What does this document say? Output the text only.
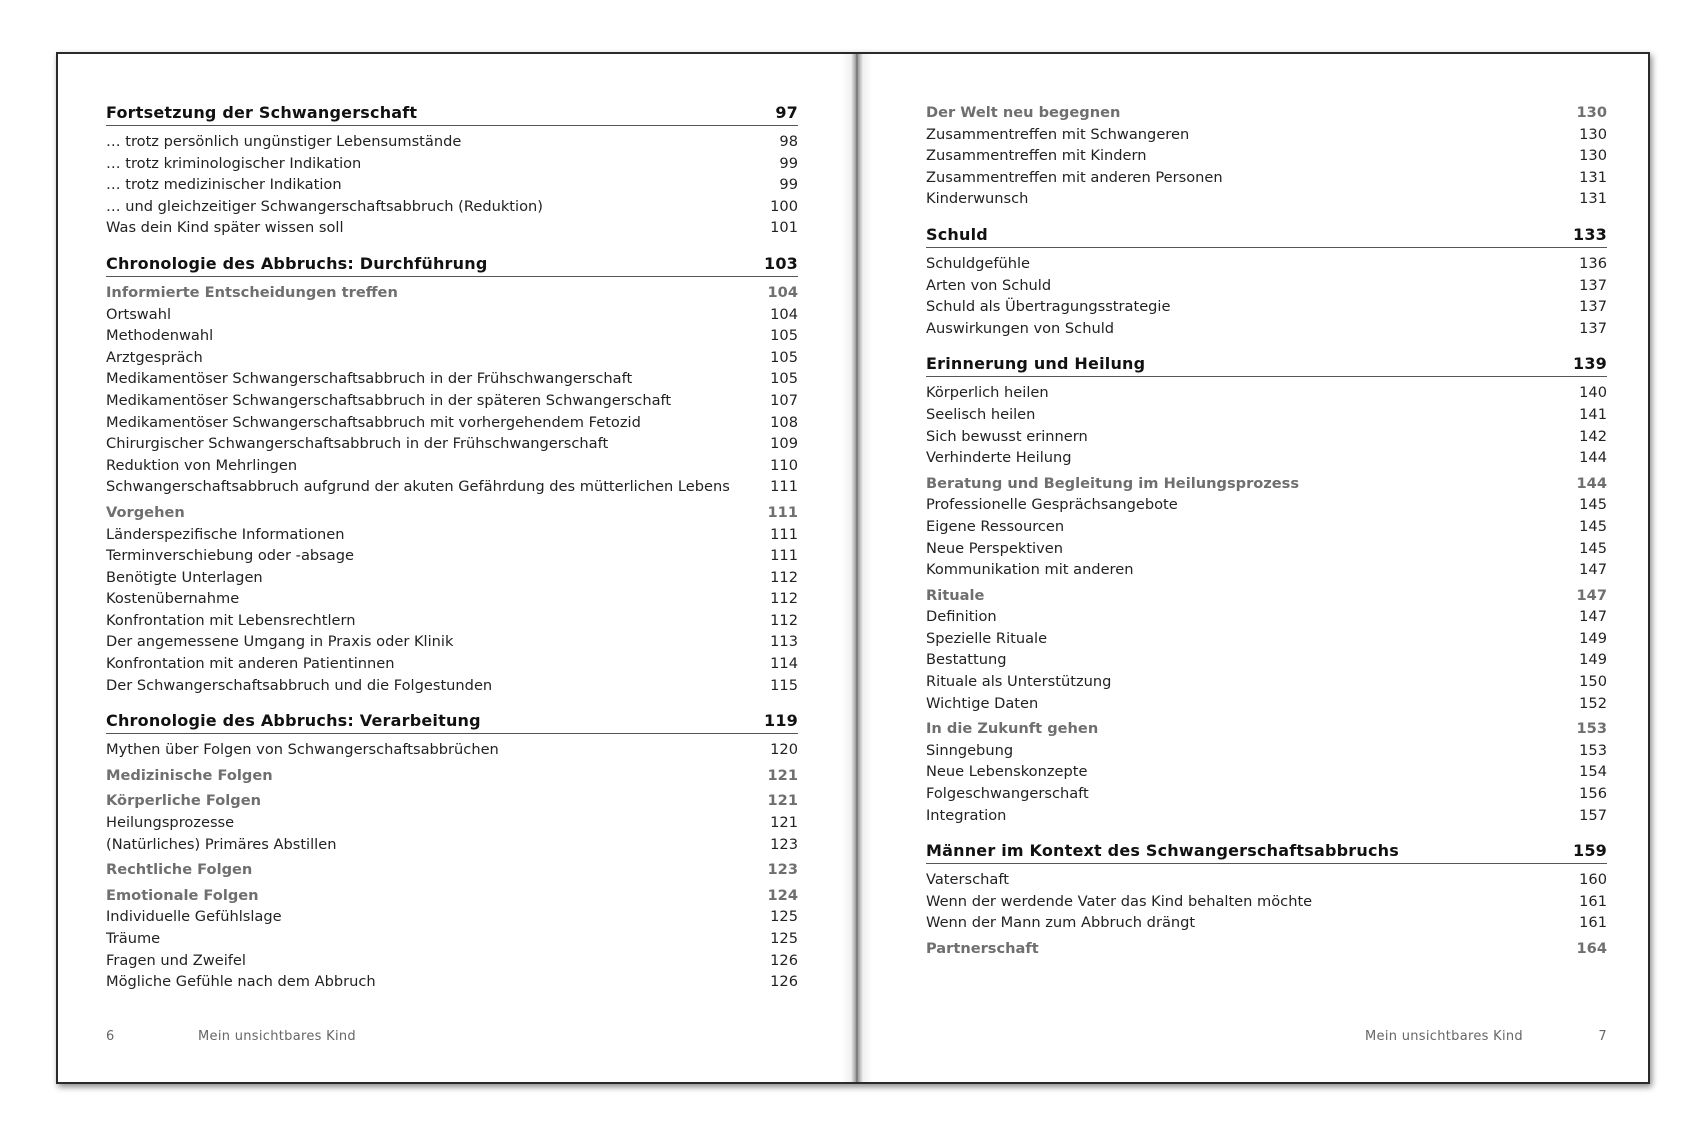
Fortsetzung der Schwangerschaft	97
… trotz persönlich ungünstiger Lebensumstände	98
… trotz kriminologischer Indikation	99
… trotz medizinischer Indikation	99
… und gleichzeitiger Schwangerschaftsabbruch (Reduktion)	100
Was dein Kind später wissen soll	101
Chronologie des Abbruchs: Durchführung	103
Informierte Entscheidungen treffen	104
Ortswahl	104
Methodenwahl	105
Arztgespräch	105
Medikamentöser Schwangerschaftsabbruch in der Frühschwangerschaft	105
Medikamentöser Schwangerschaftsabbruch in der späteren Schwangerschaft	107
Medikamentöser Schwangerschaftsabbruch mit vorhergehendem Fetozid	108
Chirurgischer Schwangerschaftsabbruch in der Frühschwangerschaft	109
Reduktion von Mehrlingen	110
Schwangerschaftsabbruch aufgrund der akuten Gefährdung des mütterlichen Lebens	111
Vorgehen	111
Länderspezifische Informationen	111
Terminverschiebung oder -absage	111
Benötigte Unterlagen	112
Kostenübernahme	112
Konfrontation mit Lebensrechtlern	112
Der angemessene Umgang in Praxis oder Klinik	113
Konfrontation mit anderen Patientinnen	114
Der Schwangerschaftsabbruch und die Folgestunden	115
Chronologie des Abbruchs: Verarbeitung	119
Mythen über Folgen von Schwangerschaftsabbrüchen	120
Medizinische Folgen	121
Körperliche Folgen	121
Heilungsprozesse	121
(Natürliches) Primäres Abstillen	123
Rechtliche Folgen	123
Emotionale Folgen	124
Individuelle Gefühlslage	125
Träume	125
Fragen und Zweifel	126
Mögliche Gefühle nach dem Abbruch	126
6	Mein unsichtbares Kind
Der Welt neu begegnen	130
Zusammentreffen mit Schwangeren	130
Zusammentreffen mit Kindern	130
Zusammentreffen mit anderen Personen	131
Kinderwunsch	131
Schuld	133
Schuldgefühle	136
Arten von Schuld	137
Schuld als Übertragungsstrategie	137
Auswirkungen von Schuld	137
Erinnerung und Heilung	139
Körperlich heilen	140
Seelisch heilen	141
Sich bewusst erinnern	142
Verhinderte Heilung	144
Beratung und Begleitung im Heilungsprozess	144
Professionelle Gesprächsangebote	145
Eigene Ressourcen	145
Neue Perspektiven	145
Kommunikation mit anderen	147
Rituale	147
Definition	147
Spezielle Rituale	149
Bestattung	149
Rituale als Unterstützung	150
Wichtige Daten	152
In die Zukunft gehen	153
Sinngebung	153
Neue Lebenskonzepte	154
Folgeschwangerschaft	156
Integration	157
Männer im Kontext des Schwangerschaftsabbruchs	159
Vaterschaft	160
Wenn der werdende Vater das Kind behalten möchte	161
Wenn der Mann zum Abbruch drängt	161
Partnerschaft	164
Mein unsichtbares Kind	7
